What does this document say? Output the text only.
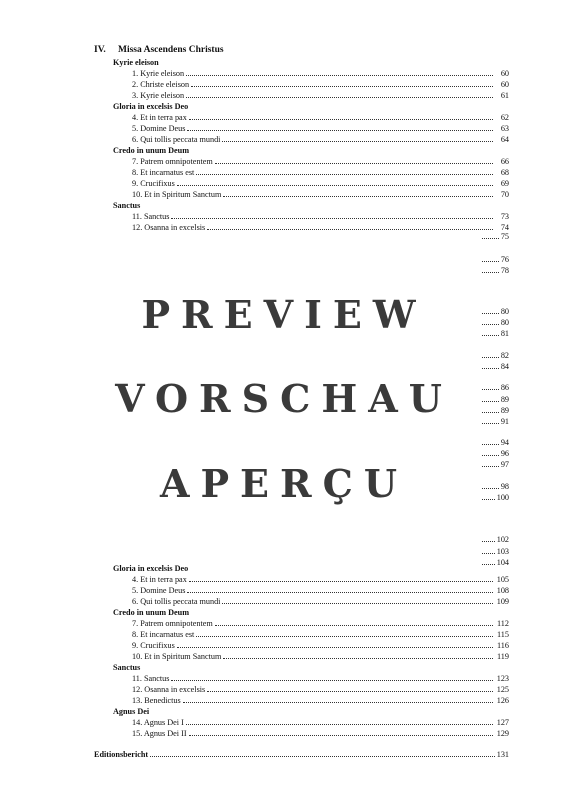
IV. Missa Ascendens Christus
Kyrie eleison
1. Kyrie eleison	60
2. Christe eleison	60
3. Kyrie eleison	61
Gloria in excelsis Deo
4. Et in terra pax	62
5. Domine Deus	63
6. Qui tollis peccata mundi	64
Credo in unum Deum
7. Patrem omnipotentem	66
8. Et incarnatus est	68
9. Crucifixus	69
10. Et in Spiritum Sanctum	70
Sanctus
11. Sanctus	73
12. Osanna in excelsis	74
75
76
78
80
80
81
82
84
86
89
89
91
94
96
97
98
100
102
103
104
PREVIEW
VORSCHAU
APERÇU
Gloria in excelsis Deo
4. Et in terra pax	105
5. Domine Deus	108
6. Qui tollis peccata mundi	109
Credo in unum Deum
7. Patrem omnipotentem	112
8. Et incarnatus est	115
9. Crucifixus	116
10. Et in Spiritum Sanctum	119
Sanctus
11. Sanctus	123
12. Osanna in excelsis	125
13. Benedictus	126
Agnus Dei
14. Agnus Dei I	127
15. Agnus Dei II	129
Editionsbericht	131
